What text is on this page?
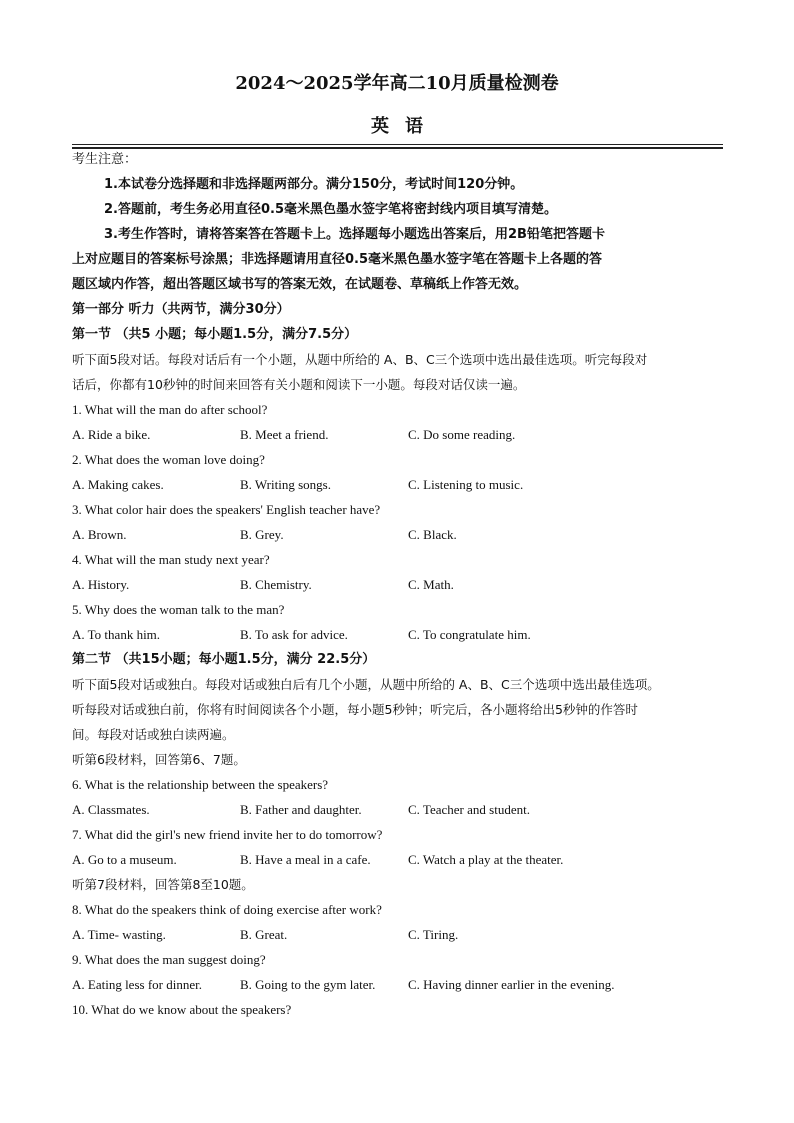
2024～2025学年高二10月质量检测卷
英语
考生注意：
1.本试卷分选择题和非选择题两部分。满分150分，考试时间120分钟。
2.答题前，考生务必用直径0.5毫米黑色墨水签字笔将密封线内项目填写清楚。
3.考生作答时，请将答案答在答题卡上。选择题每小题选出答案后，用2B铅笔把答题卡
上对应题目的答案标号涂黑；非选择题请用直径0.5毫米黑色墨水签字笔在答题卡上各题的答
题区域内作答，超出答题区域书写的答案无效，在试题卷、草稿纸上作答无效。
第一部分 听力（共两节，满分30分）
第一节 （共5 小题；每小题1.5分，满分7.5分）
听下面5段对话。每段对话后有一个小题，从题中所给的 A、B、C三个选项中选出最佳选项。听完每段对
话后，你都有10秒钟的时间来回答有关小题和阅读下一小题。每段对话仅读一遍。
1. What will the man do after school?
A. Ride a bike.	B. Meet a friend.	C. Do some reading.
2. What does the woman love doing?
A. Making cakes.	B. Writing songs.	C. Listening to music.
3. What color hair does the speakers' English teacher have?
A. Brown.	B. Grey.	C. Black.
4. What will the man study next year?
A. History.	B. Chemistry.	C. Math.
5. Why does the woman talk to the man?
A. To thank him.	B. To ask for advice.	C. To congratulate him.
第二节 （共15小题；每小题1.5分，满分 22.5分）
听下面5段对话或独白。每段对话或独白后有几个小题，从题中所给的 A、B、C三个选项中选出最佳选项。
听每段对话或独白前，你将有时间阅读各个小题，每小题5秒钟；听完后，各小题将给出5秒钟的作答时
间。每段对话或独白读两遍。
听第6段材料，回答第6、7题。
6. What is the relationship between the speakers?
A. Classmates.	B. Father and daughter.	C. Teacher and student.
7. What did the girl's new friend invite her to do tomorrow?
A. Go to a museum.	B. Have a meal in a cafe.	C. Watch a play at the theater.
听第7段材料，回答第8至10题。
8. What do the speakers think of doing exercise after work?
A. Time- wasting.	B. Great.	C. Tiring.
9. What does the man suggest doing?
A. Eating less for dinner.	B. Going to the gym later.	C. Having dinner earlier in the evening.
10. What do we know about the speakers?
